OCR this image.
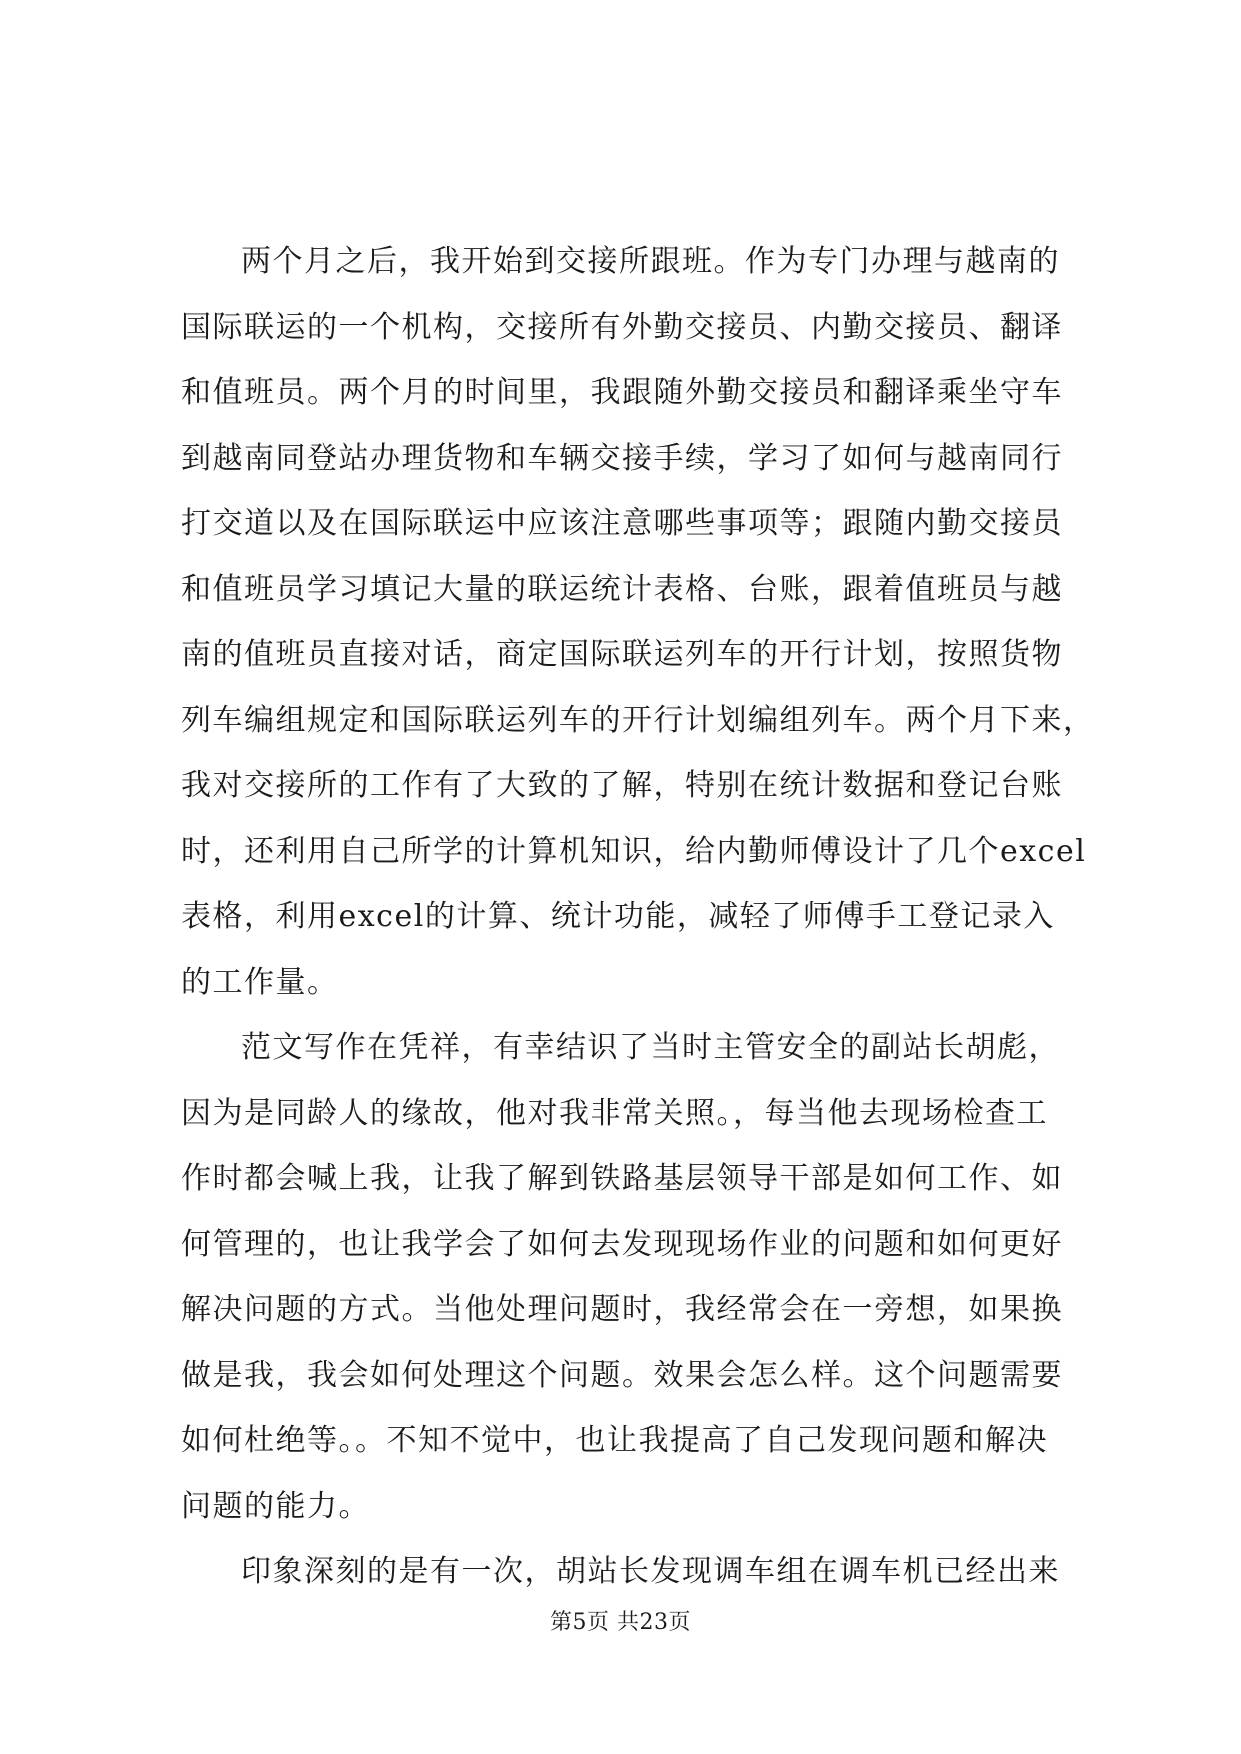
两个月之后，我开始到交接所跟班。作为专门办理与越南的
国际联运的一个机构，交接所有外勤交接员、内勤交接员、翻译
和值班员。两个月的时间里，我跟随外勤交接员和翻译乘坐守车
到越南同登站办理货物和车辆交接手续，学习了如何与越南同行
打交道以及在国际联运中应该注意哪些事项等；跟随内勤交接员
和值班员学习填记大量的联运统计表格、台账，跟着值班员与越
南的值班员直接对话，商定国际联运列车的开行计划，按照货物
列车编组规定和国际联运列车的开行计划编组列车。两个月下来，
我对交接所的工作有了大致的了解，特别在统计数据和登记台账
时，还利用自己所学的计算机知识，给内勤师傅设计了几个excel
表格，利用excel的计算、统计功能，减轻了师傅手工登记录入
的工作量。
范文写作在凭祥，有幸结识了当时主管安全的副站长胡彪，
因为是同龄人的缘故，他对我非常关照。，每当他去现场检查工
作时都会喊上我，让我了解到铁路基层领导干部是如何工作、如
何管理的，也让我学会了如何去发现现场作业的问题和如何更好
解决问题的方式。当他处理问题时，我经常会在一旁想，如果换
做是我，我会如何处理这个问题。效果会怎么样。这个问题需要
如何杜绝等。。不知不觉中，也让我提高了自己发现问题和解决
问题的能力。
印象深刻的是有一次，胡站长发现调车组在调车机已经出来
第5页 共23页
